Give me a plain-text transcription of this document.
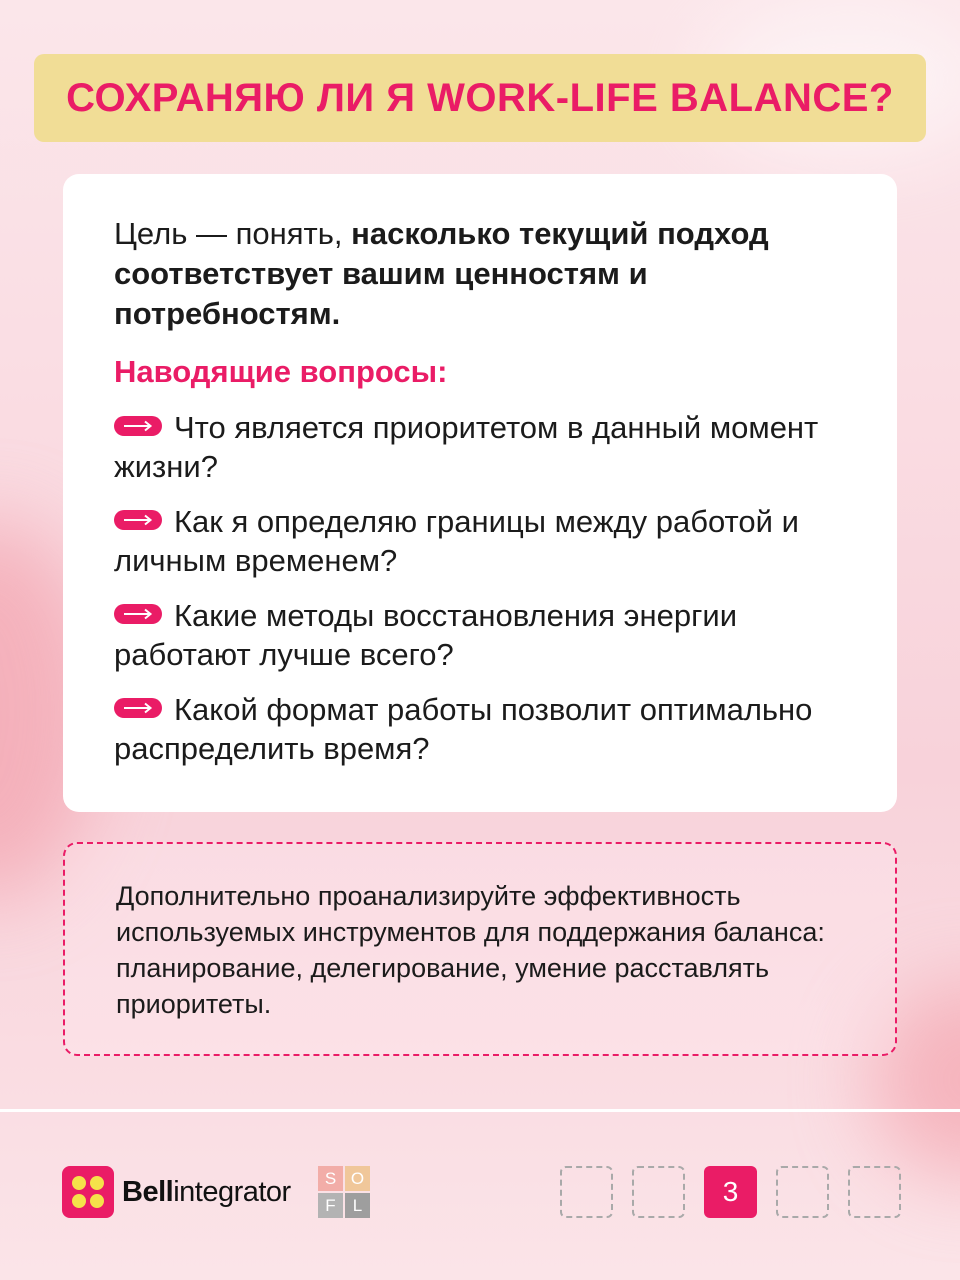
СОХРАНЯЮ ЛИ Я WORK-LIFE BALANCE?

Цель — понять, насколько текущий подход соответствует вашим ценностям и потребностям.

Наводящие вопросы:

Что является приоритетом в данный момент жизни?
Как я определяю границы между работой и личным временем?
Какие методы восстановления энергии работают лучше всего?
Какой формат работы позволит оптимально распределить время?

Дополнительно проанализируйте эффективность используемых инструментов для поддержания баланса: планирование, делегирование, умение расставлять приоритеты.

Bellintegrator	S O
F	L	3
